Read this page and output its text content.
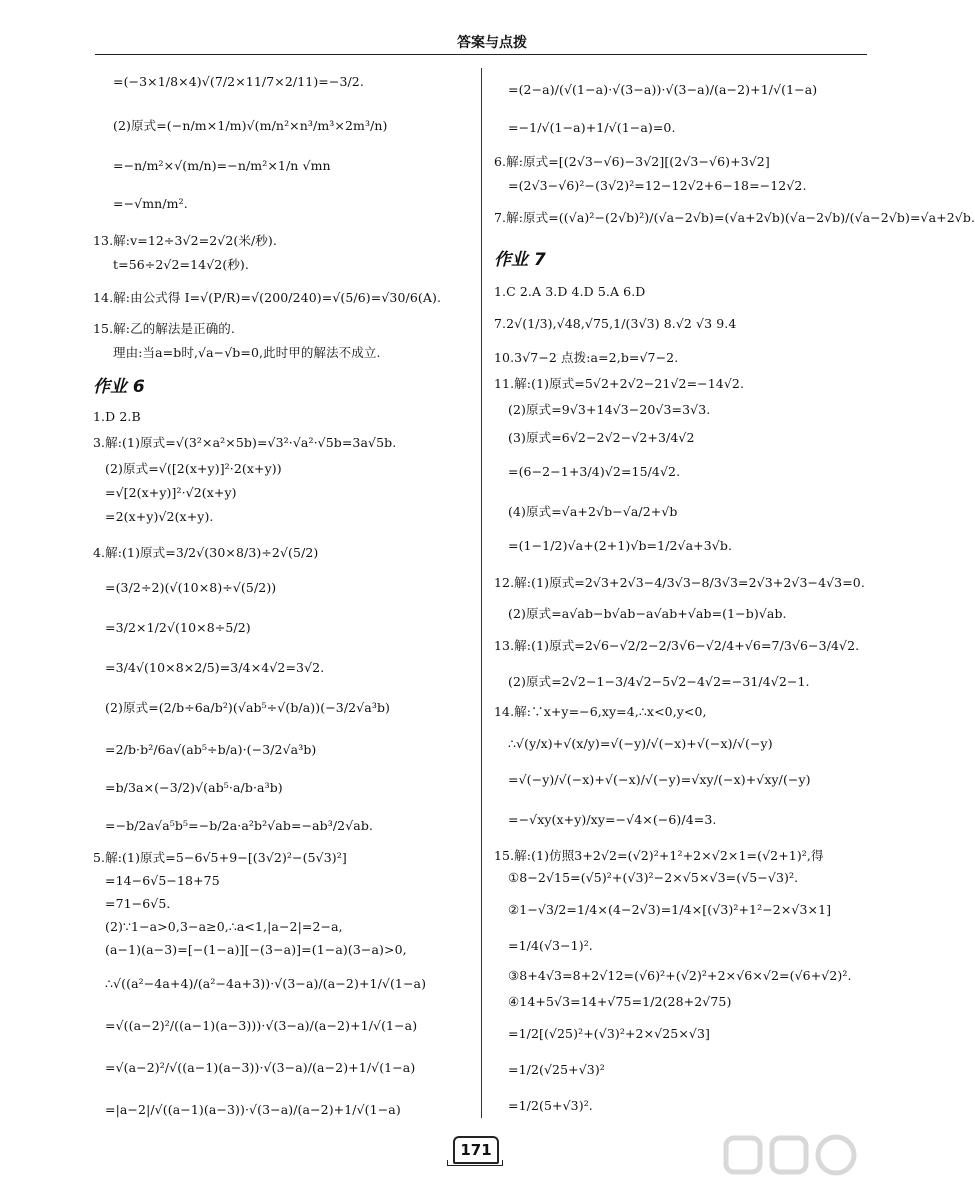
答案与点拨
=(−3×1/8×4)√(7/2×11/7×2/11)=−3/2.
(2)原式=(−n/m×1/m)√(m/n²×n³/m³×2m³/n)
=−n/m²×√(m/n)=−n/m²×1/n √mn
=−√mn/m².
13.解:v=12÷3√2=2√2(米/秒).
t=56÷2√2=14√2(秒).
14.解:由公式得 I=√(P/R)=√(200/240)=√(5/6)=√30/6(A).
15.解:乙的解法是正确的.
理由:当a=b时,√a−√b=0,此时甲的解法不成立.
作业 6
1.D 2.B
3.解:(1)原式=√(3²×a²×5b)=√3²·√a²·√5b=3a√5b.
(2)原式=√([2(x+y)]²·2(x+y))
=√[2(x+y)]²·√2(x+y)
=2(x+y)√2(x+y).
4.解:(1)原式=3/2√(30×8/3)÷2√(5/2)
=(3/2÷2)(√(10×8)÷√(5/2))
=3/2×1/2√(10×8÷5/2)
=3/4√(10×8×2/5)=3/4×4√2=3√2.
(2)原式=(2/b÷6a/b²)(√ab⁵÷√(b/a))(−3/2√a³b)
=2/b·b²/6a√(ab⁵÷b/a)·(−3/2√a³b)
=b/3a×(−3/2)√(ab⁵·a/b·a³b)
=−b/2a√a⁵b⁵=−b/2a·a²b²√ab=−ab³/2√ab.
5.解:(1)原式=5−6√5+9−[(3√2)²−(5√3)²]
=14−6√5−18+75
=71−6√5.
(2)∵1−a>0,3−a≥0,∴a<1,|a−2|=2−a,
(a−1)(a−3)=[−(1−a)][−(3−a)]=(1−a)(3−a)>0,
∴√((a²−4a+4)/(a²−4a+3))·√(3−a)/(a−2)+1/√(1−a)
=√((a−2)²/((a−1)(a−3)))·√(3−a)/(a−2)+1/√(1−a)
=√(a−2)²/√((a−1)(a−3))·√(3−a)/(a−2)+1/√(1−a)
=|a−2|/√((a−1)(a−3))·√(3−a)/(a−2)+1/√(1−a)
=(2−a)/(√(1−a)·√(3−a))·√(3−a)/(a−2)+1/√(1−a)
=−1/√(1−a)+1/√(1−a)=0.
6.解:原式=[(2√3−√6)−3√2][(2√3−√6)+3√2]
=(2√3−√6)²−(3√2)²=12−12√2+6−18=−12√2.
7.解:原式=((√a)²−(2√b)²)/(√a−2√b)=(√a+2√b)(√a−2√b)/(√a−2√b)=√a+2√b.
作业 7
1.C 2.A 3.D 4.D 5.A 6.D
7.2√(1/3),√48,√75,1/(3√3) 8.√2 √3 9.4
10.3√7−2 点拨:a=2,b=√7−2.
11.解:(1)原式=5√2+2√2−21√2=−14√2.
(2)原式=9√3+14√3−20√3=3√3.
(3)原式=6√2−2√2−√2+3/4√2
=(6−2−1+3/4)√2=15/4√2.
(4)原式=√a+2√b−√a/2+√b
=(1−1/2)√a+(2+1)√b=1/2√a+3√b.
12.解:(1)原式=2√3+2√3−4/3√3−8/3√3=2√3+2√3−4√3=0.
(2)原式=a√ab−b√ab−a√ab+√ab=(1−b)√ab.
13.解:(1)原式=2√6−√2/2−2/3√6−√2/4+√6=7/3√6−3/4√2.
(2)原式=2√2−1−3/4√2−5√2−4√2=−31/4√2−1.
14.解:∵x+y=−6,xy=4,∴x<0,y<0,
∴√(y/x)+√(x/y)=√(−y)/√(−x)+√(−x)/√(−y)
=√(−y)/√(−x)+√(−x)/√(−y)=√xy/(−x)+√xy/(−y)
=−√xy(x+y)/xy=−√4×(−6)/4=3.
15.解:(1)仿照3+2√2=(√2)²+1²+2×√2×1=(√2+1)²,得
①8−2√15=(√5)²+(√3)²−2×√5×√3=(√5−√3)².
②1−√3/2=1/4×(4−2√3)=1/4×[(√3)²+1²−2×√3×1]
=1/4(√3−1)².
③8+4√3=8+2√12=(√6)²+(√2)²+2×√6×√2=(√6+√2)².
④14+5√3=14+√75=1/2(28+2√75)
=1/2[(√25)²+(√3)²+2×√25×√3]
=1/2(√25+√3)²
=1/2(5+√3)².
171
